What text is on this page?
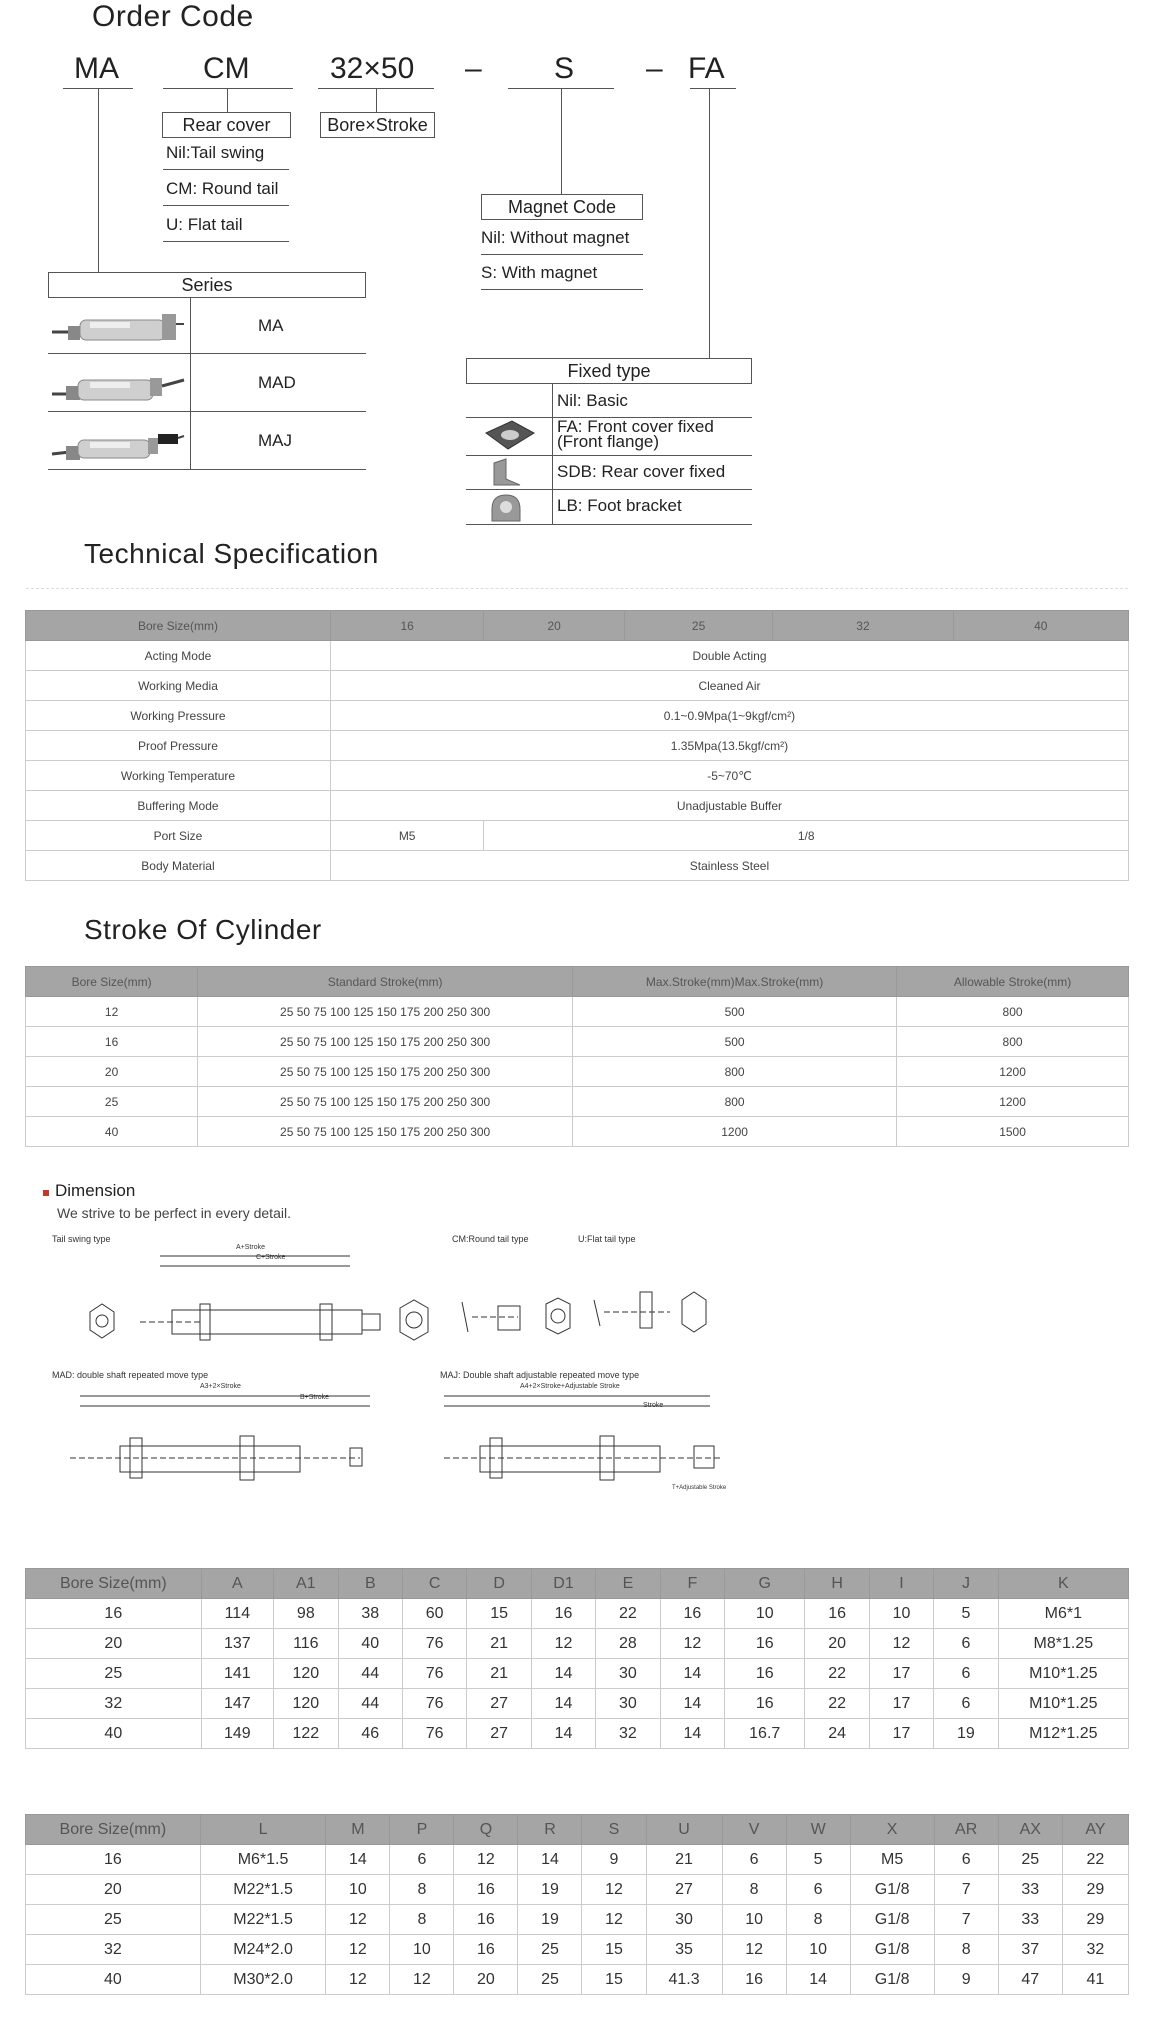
Order Code
MA	CM	32×50 – S – FA
Rear cover
Nil:Tail swing
CM: Round tail
U: Flat tail
Bore×Stroke
Magnet Code
Nil: Without magnet
S: With magnet
Series
MA
MAD
MAJ
Fixed type
Nil: Basic
FA: Front cover fixed
(Front flange)
SDB: Rear cover fixed
LB: Foot bracket
Technical Specification
Bore Size(mm)	16	20	25	32	40
Acting Mode	Double Acting				
Working Media	Cleaned Air				
Working Pressure	0.1~0.9Mpa(1~9kgf/cm²)				
Proof Pressure	1.35Mpa(13.5kgf/cm²)				
Working Temperature	-5~70℃				
Buffering Mode	Unadjustable Buffer				
Port Size	M5	1/8			
Body Material	Stainless Steel				
Stroke Of Cylinder
Bore Size(mm)	Standard Stroke(mm)	Max.Stroke(mm)Max.Stroke(mm)	Allowable Stroke(mm)
12	25 50 75 100 125 150 175 200 250 300	500	800
16	25 50 75 100 125 150 175 200 250 300	500	800
20	25 50 75 100 125 150 175 200 250 300	800	1200
25	25 50 75 100 125 150 175 200 250 300	800	1200
40	25 50 75 100 125 150 175 200 250 300	1200	1500
Dimension
We strive to be perfect in every detail.
Tail swing type	CM:Round tail type	U:Flat tail type
MAD: double shaft repeated move type	MAJ: Double shaft adjustable repeated move type
A+Stroke
C+Stroke
A3+2×Stroke
B+Stroke
A4+2×Stroke+Adjustable Stroke
Stroke
T+Adjustable Stroke
Bore Size(mm)	A	A1	B	C	D	D1	E	F	G	H	I	J	K
16	114	98	38	60	15	16	22	16	10	16	10	5	M6*1
20	137	116	40	76	21	12	28	12	16	20	12	6	M8*1.25
25	141	120	44	76	21	14	30	14	16	22	17	6	M10*1.25
32	147	120	44	76	27	14	30	14	16	22	17	6	M10*1.25
40	149	122	46	76	27	14	32	14	16.7	24	17	19	M12*1.25
Bore Size(mm)	L	M	P	Q	R	S	U	V	W	X	AR	AX	AY
16	M6*1.5	14	6	12	14	9	21	6	5	M5	6	25	22
20	M22*1.5	10	8	16	19	12	27	8	6	G1/8	7	33	29
25	M22*1.5	12	8	16	19	12	30	10	8	G1/8	7	33	29
32	M24*2.0	12	10	16	25	15	35	12	10	G1/8	8	37	32
40	M30*2.0	12	12	20	25	15	41.3	16	14	G1/8	9	47	41
